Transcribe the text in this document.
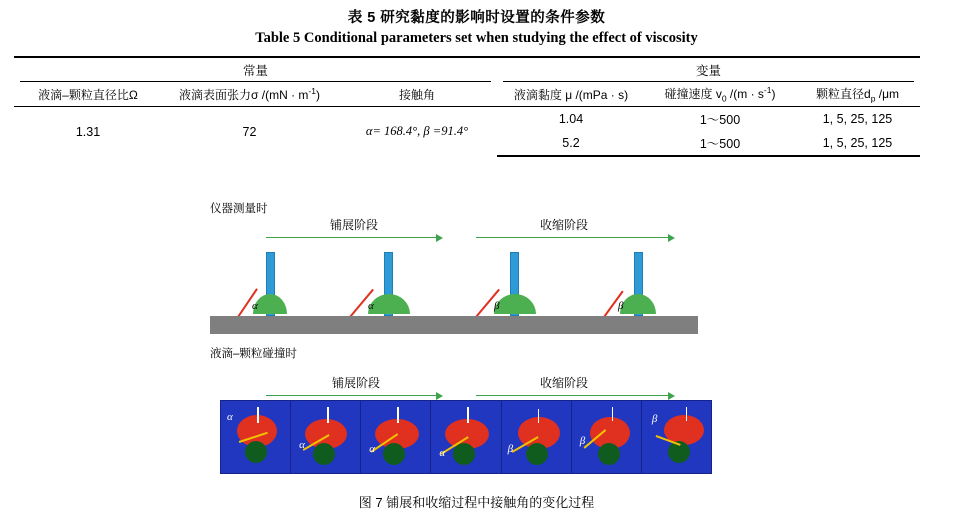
表 5 研究黏度的影响时设置的条件参数
Table 5 Conditional parameters set when studying the effect of viscosity
常量			变量		
液滴–颗粒直径比Ω	液滴表面张力σ $/(mN \cdot m^{-1})$	接触角	液滴黏度 μ /(mPa · s)	碰撞速度 $v_0$ $/(m \cdot s^{-1})$	颗粒直径$d_p$ /μm
1.31	72	α= 168.4°, β =91.4°	1.04	1～500	1, 5, 25, 125
			5.2	1～500	1, 5, 25, 125
仪器测量时
铺展阶段	收缩阶段
α	α	β	β
液滴–颗粒碰撞时
铺展阶段	收缩阶段
α
α	α	α	β
β
β
图 7 铺展和收缩过程中接触角的变化过程
